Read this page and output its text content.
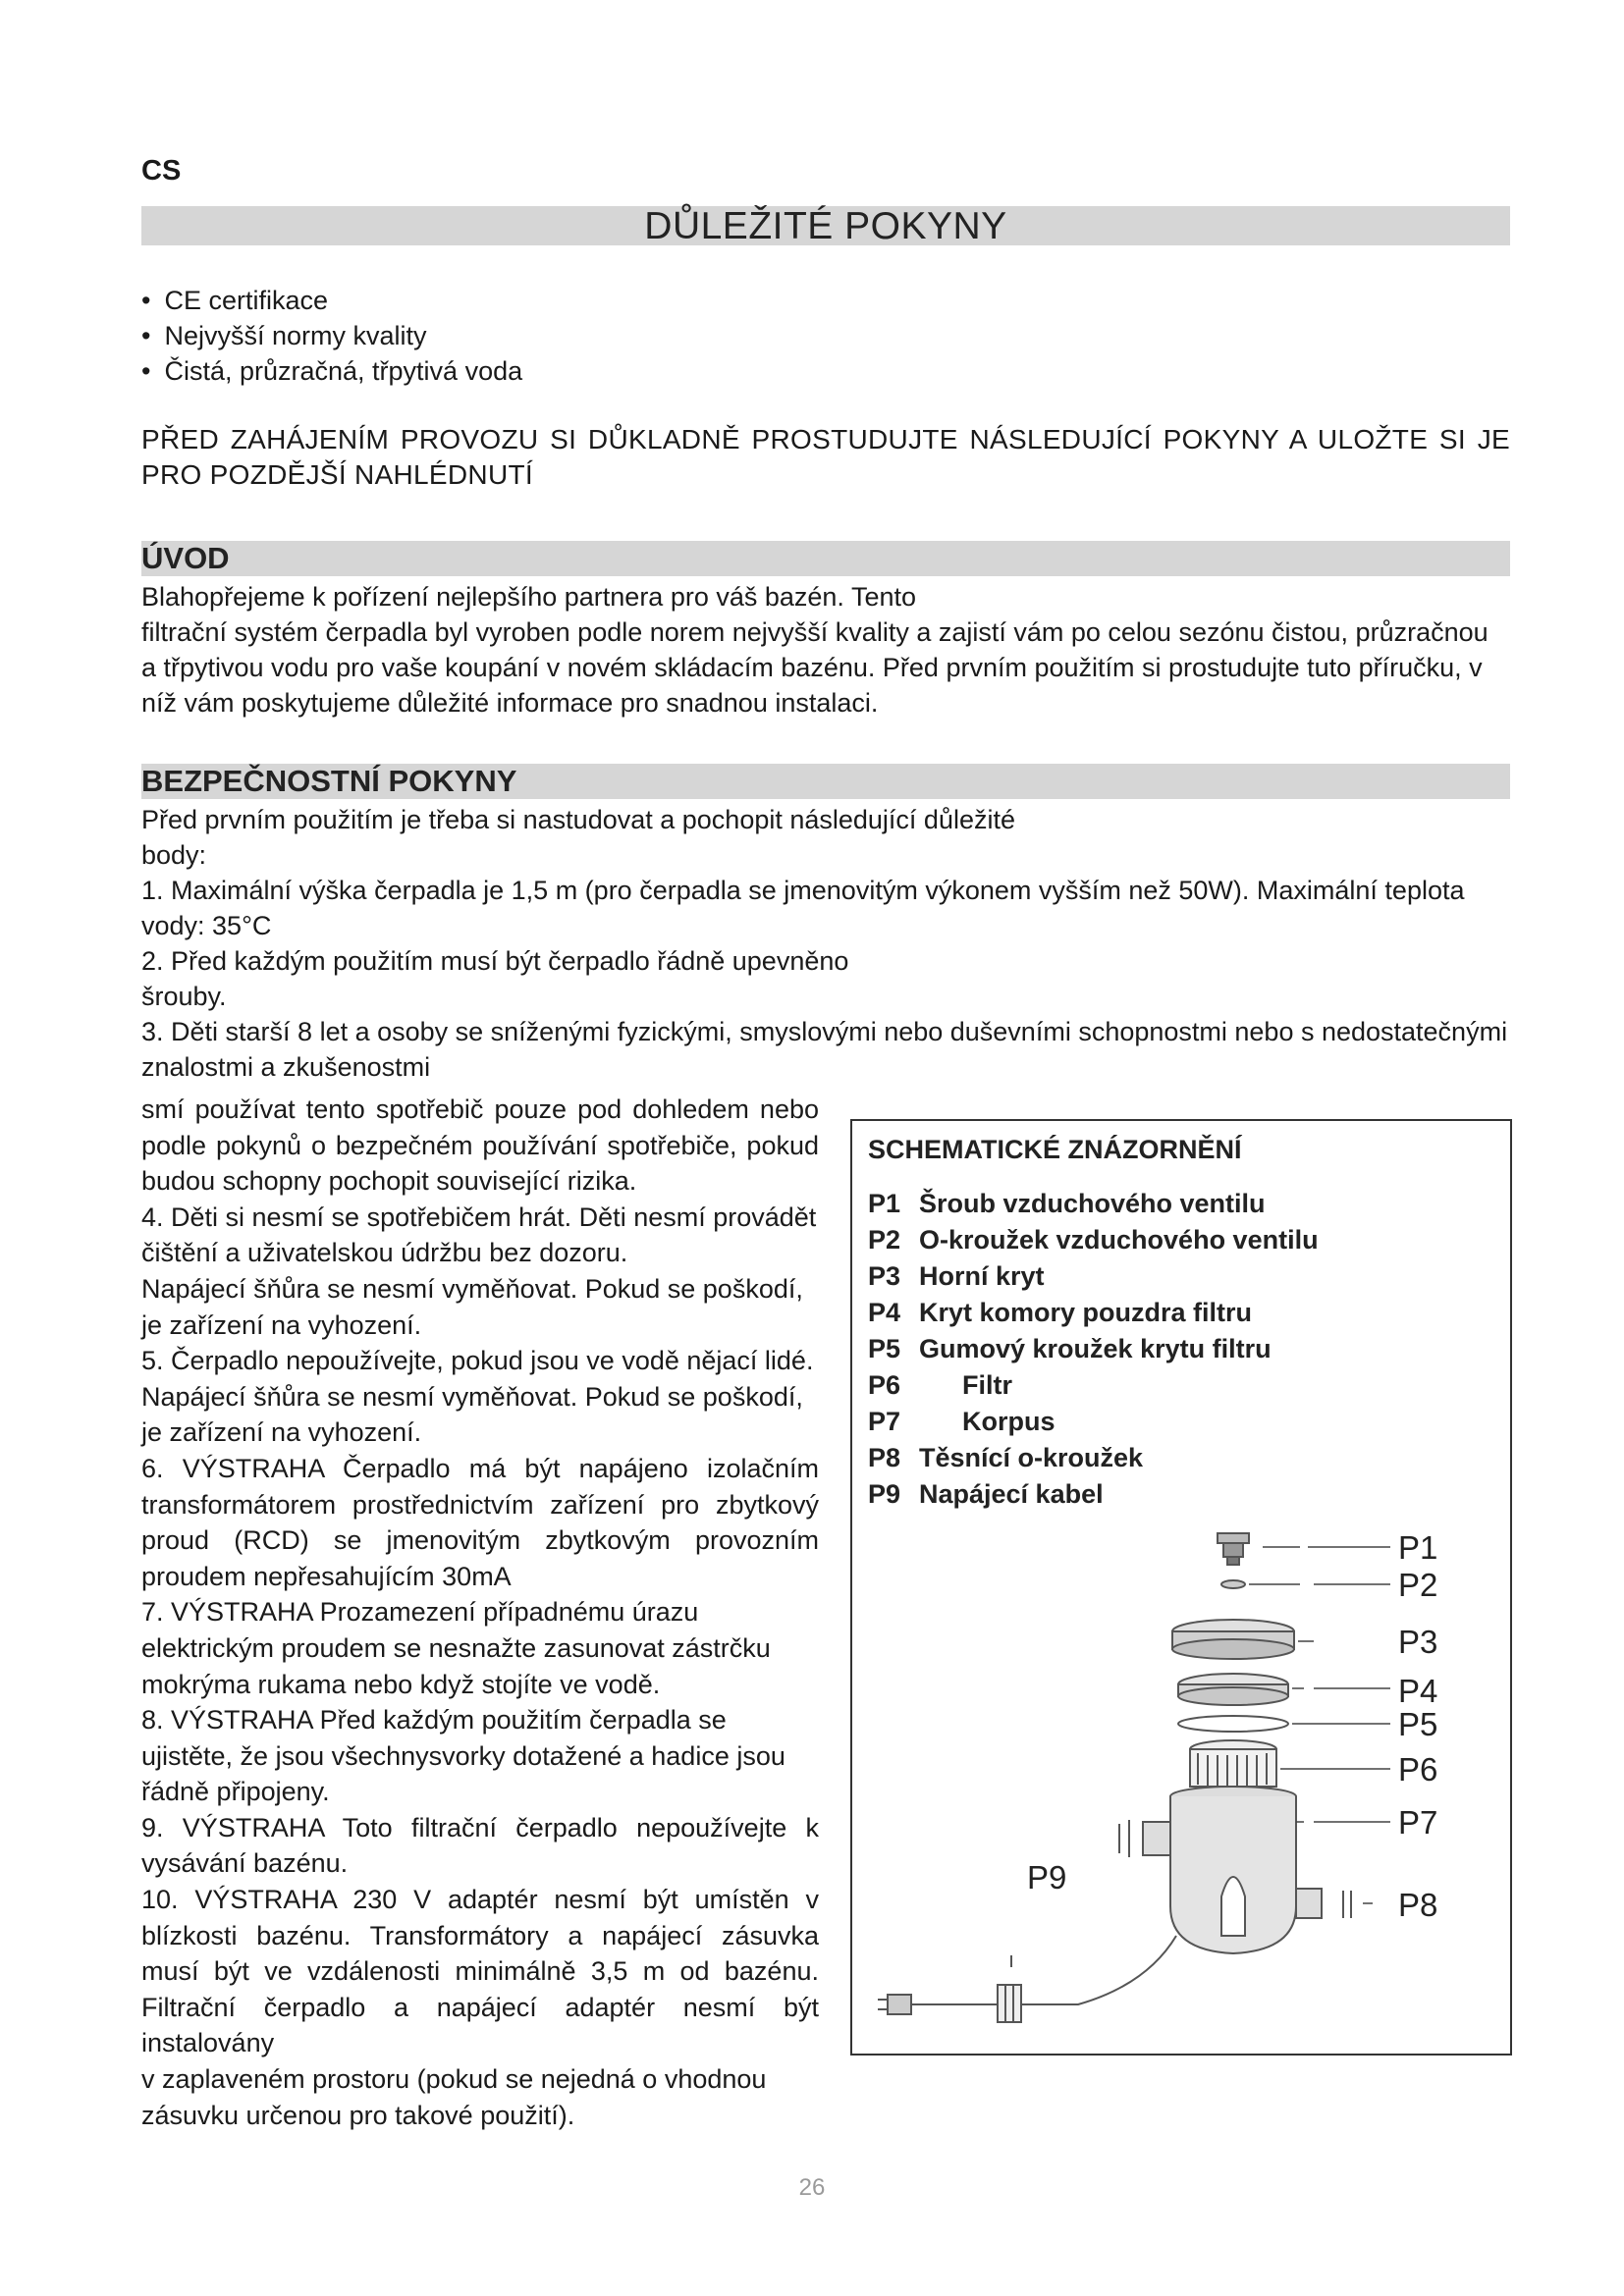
CS
DŮLEŽITÉ POKYNY
• CE certifikace
• Nejvyšší normy kvality
• Čistá, průzračná, třpytivá voda
PŘED ZAHÁJENÍM PROVOZU SI DŮKLADNĚ PROSTUDUJTE NÁSLEDUJÍCÍ POKYNY A ULOŽTE SI JE PRO POZDĚJŠÍ NAHLÉDNUTÍ
ÚVOD

Blahopřejeme k pořízení nejlepšího partnera pro váš bazén. Tento

filtrační systém čerpadla byl vyroben podle norem nejvyšší kvality a zajistí vám po celou sezónu čistou, průzračnou a třpytivou vodu pro vaše koupání v novém skládacím bazénu. Před prvním použitím si prostudujte tuto příručku, v níž vám poskytujeme důležité informace pro snadnou instalaci.

BEZPEČNOSTNÍ POKYNY

Před prvním použitím je třeba si nastudovat a pochopit následující důležité

body:

1. Maximální výška čerpadla je 1,5 m (pro čerpadla se jmenovitým výkonem vyšším než 50W). Maximální teplota vody: 35°C

2. Před každým použitím musí být čerpadlo řádně upevněno

šrouby.

3. Děti starší 8 let a osoby se sníženými fyzickými, smyslovými nebo duševními schopnostmi nebo s nedostatečnými znalostmi a zkušenostmi

smí používat tento spotřebič pouze pod dohledem nebo podle pokynů o bezpečném používání spotřebiče, pokud budou schopny pochopit související rizika.

4. Děti si nesmí se spotřebičem hrát. Děti nesmí provádět čištění a uživatelskou údržbu bez dozoru.

Napájecí šňůra se nesmí vyměňovat. Pokud se poškodí, je zařízení na vyhození.

5. Čerpadlo nepoužívejte, pokud jsou ve vodě nějací lidé.

Napájecí šňůra se nesmí vyměňovat. Pokud se poškodí, je zařízení na vyhození.

6. VÝSTRAHA Čerpadlo má být napájeno izolačním transformátorem prostřednictvím zařízení pro zbytkový proud (RCD) se jmenovitým zbytkovým provozním proudem nepřesahujícím 30mA

7. VÝSTRAHA Prozamezení případnému úrazu elektrickým proudem se nesnažte zasunovat zástrčku mokrýma rukama nebo když stojíte ve vodě.

8. VÝSTRAHA Před každým použitím čerpadla se ujistěte, že jsou všechnysvorky dotažené a hadice jsou řádně připojeny.

9. VÝSTRAHA Toto filtrační čerpadlo nepoužívejte k vysávání bazénu.

10. VÝSTRAHA 230 V adaptér nesmí být umístěn v blízkosti bazénu. Transformátory a napájecí zásuvka musí být ve vzdálenosti minimálně 3,5 m od bazénu. Filtrační čerpadlo a napájecí adaptér nesmí být instalovány

v zaplaveném prostoru (pokud se nejedná o vhodnou zásuvku určenou pro takové použití).

SCHEMATICKÉ ZNÁZORNĚNÍ
P1 Šroub vzduchového ventilu
P2 O-kroužek vzduchového ventilu
P3 Horní kryt
P4 Kryt komory pouzdra filtru
P5 Gumový kroužek krytu filtru
P6 Filtr
P7 Korpus
P8 Těsnící o-kroužek
P9 Napájecí kabel
P1
P2
P3
P4
P5
P6
P7
P8
P9
26
